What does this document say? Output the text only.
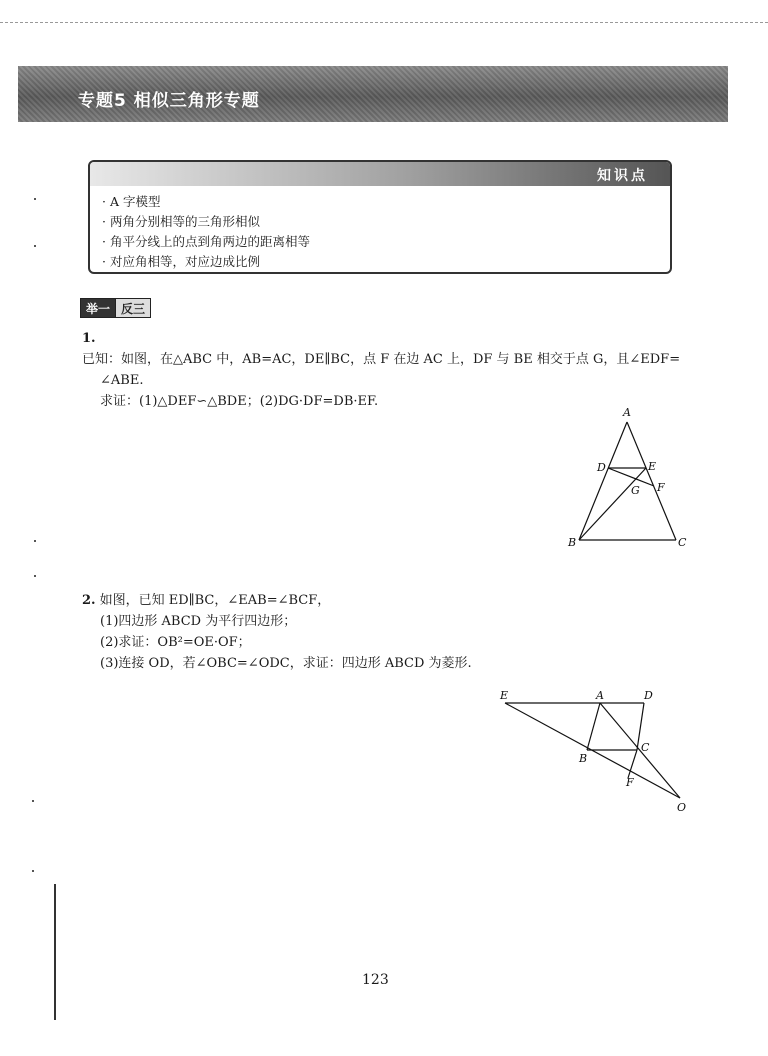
专题5 相似三角形专题
知识点
· A 字模型
· 两角分别相等的三角形相似
· 角平分线上的点到角两边的距离相等
· 对应角相等，对应边成比例
举一 反三
1.已知：如图，在△ABC 中，AB=AC，DE∥BC，点 F 在边 AC 上，DF 与 BE 相交于点 G，且∠EDF=
∠ABE.
求证：(1)△DEF∽△BDE；(2)DG·DF=DB·EF.
A
D	E
G F
B	C
2. 如图，已知 ED∥BC，∠EAB=∠BCF，
(1)四边形 ABCD 为平行四边形；
(2)求证：OB²=OE·OF；
(3)连接 OD，若∠OBC=∠ODC，求证：四边形 ABCD 为菱形.
E	A	D
C
B
F
O
123
